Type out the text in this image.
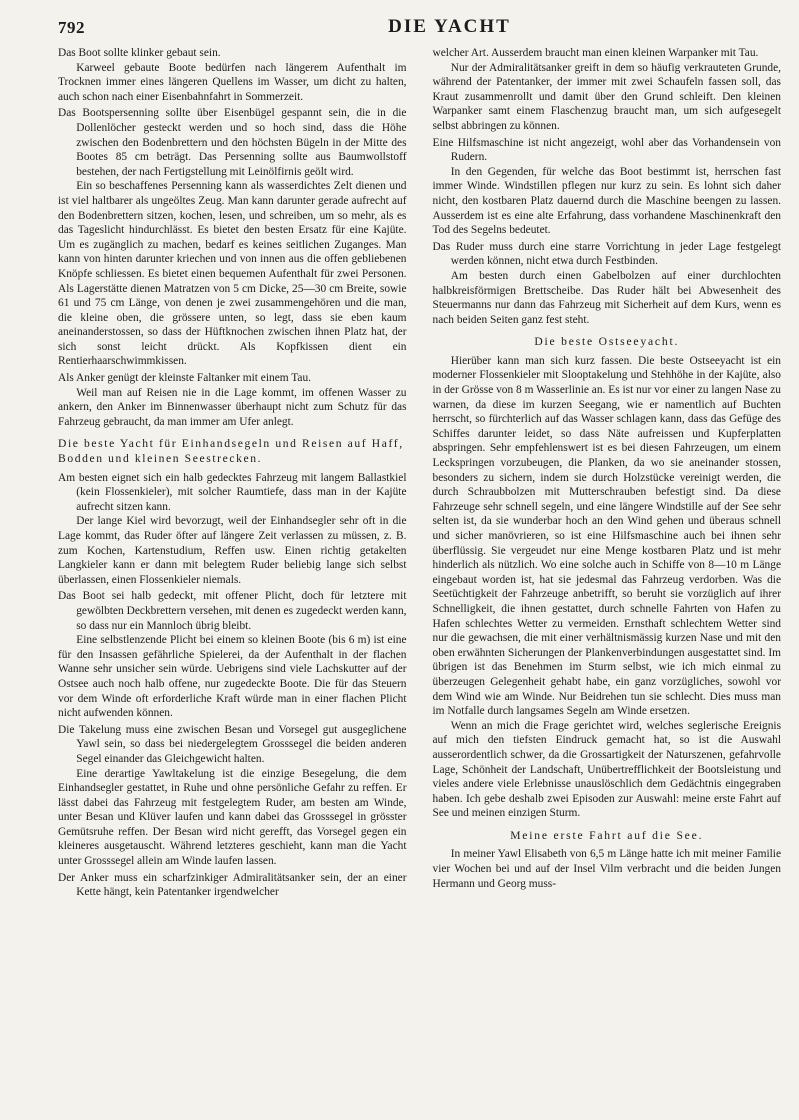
792	DIE YACHT

Das Boot sollte klinker gebaut sein.

Karweel gebaute Boote bedürfen nach längerem Aufenthalt im Trocknen immer eines längeren Quellens im Wasser, um dicht zu halten, auch schon nach einer Eisenbahnfahrt in Sommerzeit.

Das Bootspersenning sollte über Eisenbügel gespannt sein, die in die Dollenlöcher gesteckt werden und so hoch sind, dass die Höhe zwischen den Bodenbrettern und den höchsten Bügeln in der Mitte des Bootes 85 cm beträgt. Das Persenning sollte aus Baumwollstoff bestehen, der nach Fertigstellung mit Leinölfirnis geölt wird.

Ein so beschaffenes Persenning kann als wasserdichtes Zelt dienen und ist viel haltbarer als ungeöltes Zeug. Man kann darunter gerade aufrecht auf den Bodenbrettern sitzen, kochen, lesen, und schreiben, um so mehr, als es das Tageslicht hindurchlässt. Es bietet den besten Ersatz für eine Kajüte. Um es zugänglich zu machen, bedarf es keines seitlichen Zuganges. Man kann von hinten darunter kriechen und von innen aus die offen gebliebenen Knöpfe schliessen. Es bietet einen bequemen Aufenthalt für zwei Personen. Als Lagerstätte dienen Matratzen von 5 cm Dicke, 25—30 cm Breite, sowie 61 und 75 cm Länge, von denen je zwei zusammengehören und die man, die kleine oben, die grössere unten, so legt, dass sie eben kaum aneinanderstossen, so dass der Hüftknochen zwischen ihnen Platz hat, der sich sonst leicht drückt. Als Kopfkissen dient ein Rentierhaarschwimmkissen.

Als Anker genügt der kleinste Faltanker mit einem Tau.

Weil man auf Reisen nie in die Lage kommt, im offenen Wasser zu ankern, den Anker im Binnenwasser überhaupt nicht zum Schutz für das Fahrzeug gebraucht, da man immer am Ufer anlegt.

Die beste Yacht für Einhandsegeln und Reisen auf Haff, Bodden und kleinen Seestrecken.

Am besten eignet sich ein halb gedecktes Fahrzeug mit langem Ballastkiel (kein Flossenkieler), mit solcher Raumtiefe, dass man in der Kajüte aufrecht sitzen kann.

Der lange Kiel wird bevorzugt, weil der Einhandsegler sehr oft in die Lage kommt, das Ruder öfter auf längere Zeit verlassen zu müssen, z. B. zum Kochen, Kartenstudium, Reffen usw. Einen richtig getakelten Langkieler kann er dann mit belegtem Ruder beliebig lange sich selbst überlassen, einen Flossenkieler niemals.

Das Boot sei halb gedeckt, mit offener Plicht, doch für letztere mit gewölbten Deckbrettern versehen, mit denen es zugedeckt werden kann, so dass nur ein Mannloch übrig bleibt.

Eine selbstlenzende Plicht bei einem so kleinen Boote (bis 6 m) ist eine für den Insassen gefährliche Spielerei, da der Aufenthalt in der flachen Wanne sehr unsicher sein würde. Uebrigens sind viele Lachskutter auf der Ostsee auch noch halb offene, nur zugedeckte Boote. Die für das Steuern vor dem Winde oft erforderliche Kraft würde man in einer flachen Plicht nicht aufwenden können.

Die Takelung muss eine zwischen Besan und Vorsegel gut ausgeglichene Yawl sein, so dass bei niedergelegtem Grosssegel die beiden anderen Segel einander das Gleichgewicht halten.

Eine derartige Yawltakelung ist die einzige Besegelung, die dem Einhandsegler gestattet, in Ruhe und ohne persönliche Gefahr zu reffen. Er lässt dabei das Fahrzeug mit festgelegtem Ruder, am besten am Winde, unter Besan und Klüver laufen und kann dabei das Grosssegel in grösster Gemütsruhe reffen. Der Besan wird nicht gerefft, das Vorsegel gegen ein kleineres ausgetauscht. Während letzteres geschieht, kann man die Yacht unter Grosssegel allein am Winde laufen lassen.

Der Anker muss ein scharfzinkiger Admiralitätsanker sein, der an einer Kette hängt, kein Patentanker irgendwelcher

welcher Art. Ausserdem braucht man einen kleinen Warpanker mit Tau.

Nur der Admiralitätsanker greift in dem so häufig verkrauteten Grunde, während der Patentanker, der immer mit zwei Schaufeln fassen soll, das Kraut zusammenrollt und damit über den Grund schleift. Den kleinen Warpanker samt einem Flaschenzug braucht man, um sich aufgesegelt selbst abbringen zu können.

Eine Hilfsmaschine ist nicht angezeigt, wohl aber das Vorhandensein von Rudern.

In den Gegenden, für welche das Boot bestimmt ist, herrschen fast immer Winde. Windstillen pflegen nur kurz zu sein. Es lohnt sich daher nicht, den kostbaren Platz dauernd durch die Maschine beengen zu lassen. Ausserdem ist es eine alte Erfahrung, dass vorhandene Maschinenkraft den Tod des Segelns bedeutet.

Das Ruder muss durch eine starre Vorrichtung in jeder Lage festgelegt werden können, nicht etwa durch Festbinden.

Am besten durch einen Gabelbolzen auf einer durchlochten halbkreisförmigen Brettscheibe. Das Ruder hält bei Abwesenheit des Steuermanns nur dann das Fahrzeug mit Sicherheit auf dem Kurs, wenn es nach beiden Seiten ganz fest steht.

Die beste Ostseeyacht.

Hierüber kann man sich kurz fassen. Die beste Ostseeyacht ist ein moderner Flossenkieler mit Slooptakelung und Stehhöhe in der Kajüte, also in der Grösse von 8 m Wasserlinie an. Es ist nur vor einer zu langen Nase zu warnen, da diese im kurzen Seegang, wie er namentlich auf Buchten herrscht, so fürchterlich auf das Wasser schlagen kann, dass das Gefüge des Schiffes darunter leidet, so dass Näte aufreissen und Kupferplatten abspringen. Sehr empfehlenswert ist es bei diesen Fahrzeugen, um einem Leckspringen vorzubeugen, die Planken, da wo sie aneinander stossen, besonders zu sichern, indem sie durch Holzstücke vereinigt werden, die durch Schraubbolzen mit Mutterschrauben befestigt sind. Da diese Fahrzeuge sehr schnell segeln, und eine längere Windstille auf der See sehr selten ist, da sie wunderbar hoch an den Wind gehen und überaus schnell und sicher manövrieren, so ist eine Hilfsmaschine auch bei ihnen sehr überflüssig. Sie vergeudet nur eine Menge kostbaren Platz und ist mehr hinderlich als nützlich. Wo eine solche auch in Schiffe von 8—10 m Länge eingebaut worden ist, hat sie jedesmal das Fahrzeug verdorben. Was die Seetüchtigkeit der Fahrzeuge anbetrifft, so beruht sie vorzüglich auf ihrer Schnelligkeit, die ihnen gestattet, durch schnelle Fahrten von Hafen zu Hafen schlechtes Wetter zu vermeiden. Ernsthaft schlechtem Wetter sind nur die gewachsen, die mit einer verhältnismässig kurzen Nase und mit den oben erwähnten Sicherungen der Plankenverbindungen ausgestattet sind. Im übrigen ist das Benehmen im Sturm selbst, wie ich mich einmal zu überzeugen Gelegenheit gehabt habe, ein ganz vorzügliches, sowohl vor dem Wind wie am Winde. Nur Beidrehen tun sie schlecht. Dies muss man im Notfalle durch langsames Segeln am Winde ersetzen.

Wenn an mich die Frage gerichtet wird, welches seglerische Ereignis auf mich den tiefsten Eindruck gemacht hat, so ist die Auswahl ausserordentlich schwer, da die Grossartigkeit der Naturszenen, gefahrvolle Lage, Schönheit der Landschaft, Unübertrefflichkeit der Bootsleistung und vieles andere viele Erlebnisse unauslöschlich dem Gedächtnis eingegraben haben. Ich gebe deshalb zwei Episoden zur Auswahl: meine erste Fahrt auf See und meinen einzigen Sturm.

Meine erste Fahrt auf die See.

In meiner Yawl Elisabeth von 6,5 m Länge hatte ich mit meiner Familie vier Wochen bei und auf der Insel Vilm verbracht und die beiden Jungen Hermann und Georg muss-
